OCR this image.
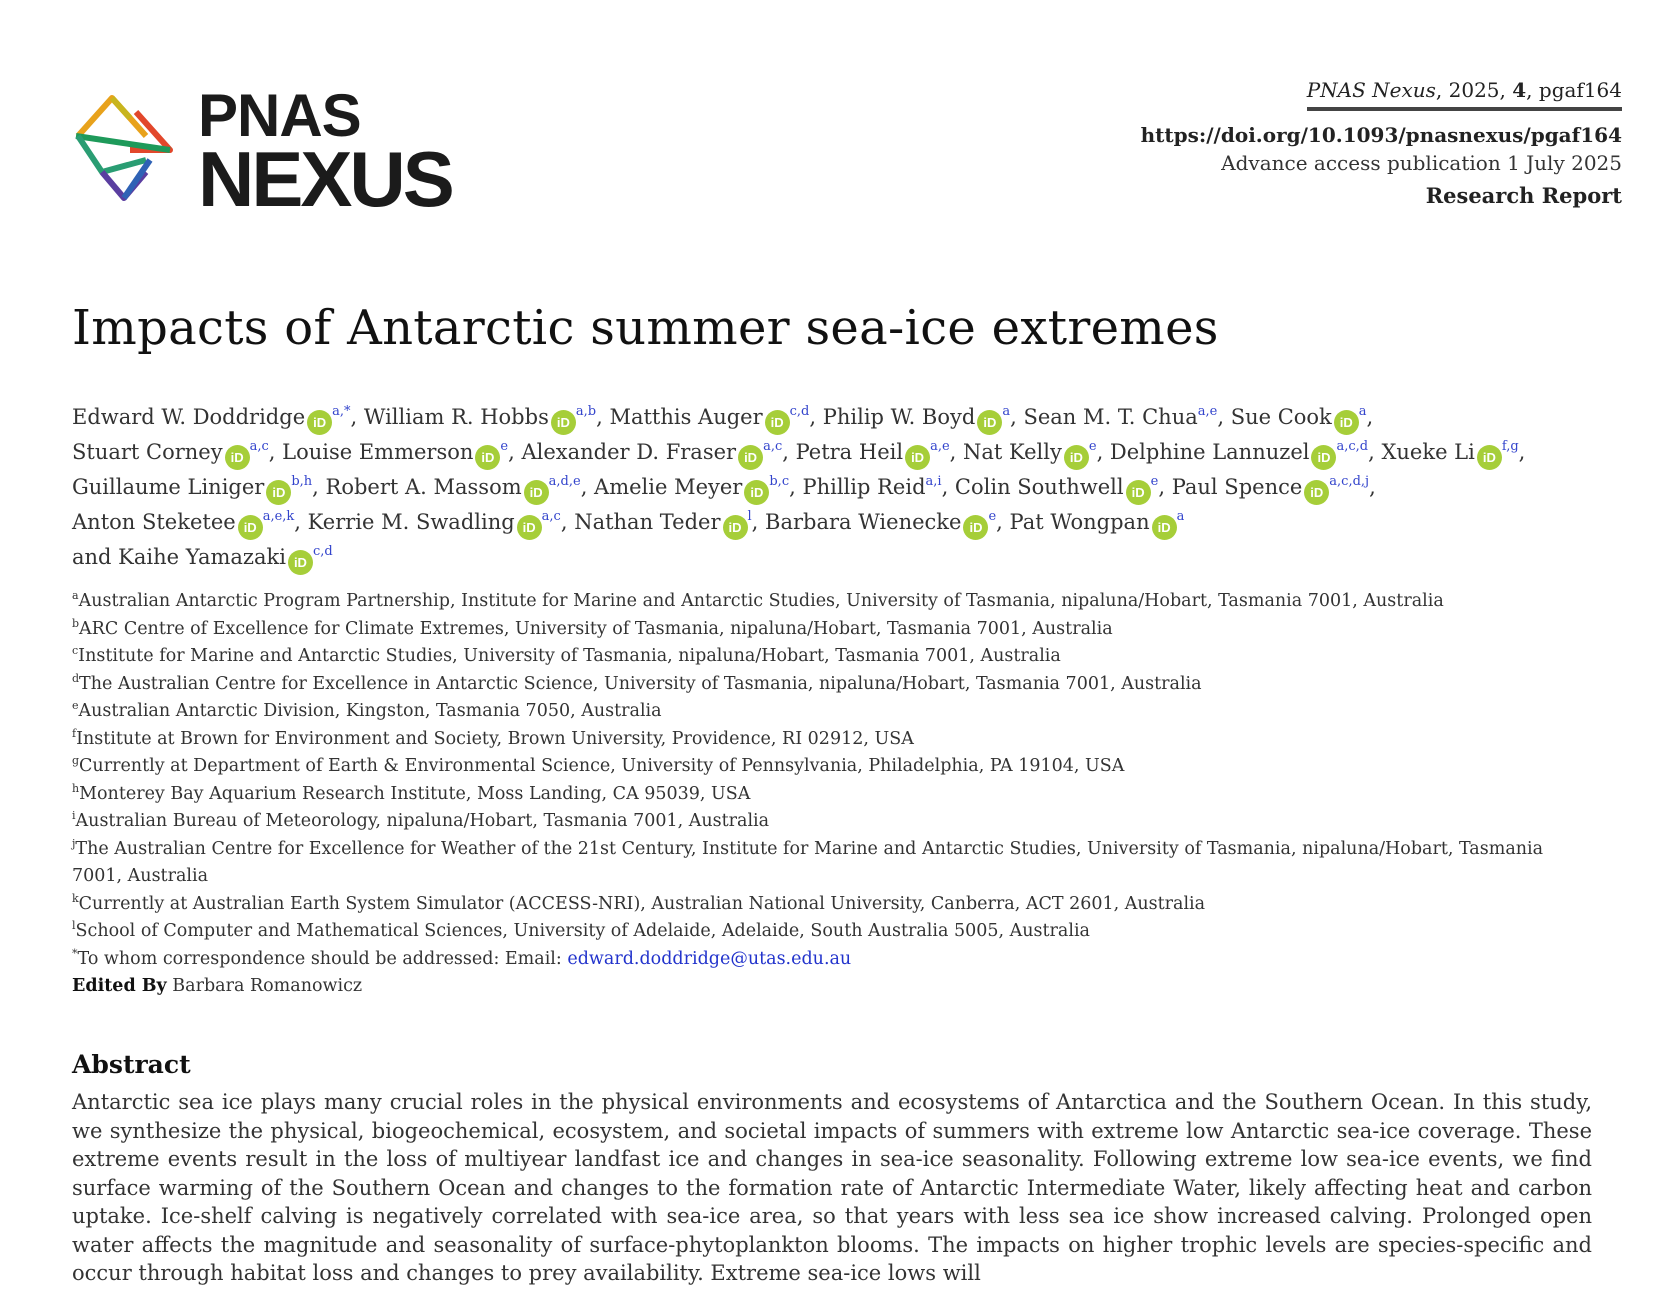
PNAS
NEXUS
PNAS Nexus, 2025, 4, pgaf164
https://doi.org/10.1093/pnasnexus/pgaf164
Advance access publication 1 July 2025
Research Report
Impacts of Antarctic summer sea-ice extremes
Edward W. Doddridge iD$^{a,*}$, William R. Hobbs iD$^{a,b}$, Matthis Auger iD$^{c,d}$, Philip W. Boyd iD$^a$, Sean M. T. Chua$^{a,e}$, Sue Cook iD$^a$, Stuart Corney iD$^{a,c}$, Louise Emmerson iD$^e$, Alexander D. Fraser iD$^{a,c}$, Petra Heil iD$^{a,e}$, Nat Kelly iD$^e$, Delphine Lannuzel iD$^{a,c,d}$, Xueke Li iD$^{f,g}$, Guillaume Liniger iD$^{b,h}$, Robert A. Massom iD$^{a,d,e}$, Amelie Meyer iD$^{b,c}$, Phillip Reid$^{a,i}$, Colin Southwell iD$^e$, Paul Spence iD$^{a,c,d,j}$, Anton Steketee iD$^{a,e,k}$, Kerrie M. Swadling iD$^{a,c}$, Nathan Teder iD$^l$, Barbara Wienecke iD$^e$, Pat Wongpan iD$^a$
and Kaihe Yamazaki iD$^{c,d}$
$^a$Australian Antarctic Program Partnership, Institute for Marine and Antarctic Studies, University of Tasmania, nipaluna/Hobart, Tasmania 7001, Australia
$^b$ARC Centre of Excellence for Climate Extremes, University of Tasmania, nipaluna/Hobart, Tasmania 7001, Australia
$^c$Institute for Marine and Antarctic Studies, University of Tasmania, nipaluna/Hobart, Tasmania 7001, Australia
$^d$The Australian Centre for Excellence in Antarctic Science, University of Tasmania, nipaluna/Hobart, Tasmania 7001, Australia
$^e$Australian Antarctic Division, Kingston, Tasmania 7050, Australia
$^f$Institute at Brown for Environment and Society, Brown University, Providence, RI 02912, USA
$^g$Currently at Department of Earth & Environmental Science, University of Pennsylvania, Philadelphia, PA 19104, USA
$^h$Monterey Bay Aquarium Research Institute, Moss Landing, CA 95039, USA
$^i$Australian Bureau of Meteorology, nipaluna/Hobart, Tasmania 7001, Australia
$^j$The Australian Centre for Excellence for Weather of the 21st Century, Institute for Marine and Antarctic Studies, University of Tasmania, nipaluna/Hobart, Tasmania 7001, Australia
$^k$Currently at Australian Earth System Simulator (ACCESS-NRI), Australian National University, Canberra, ACT 2601, Australia
$^l$School of Computer and Mathematical Sciences, University of Adelaide, Adelaide, South Australia 5005, Australia
*To whom correspondence should be addressed: Email: edward.doddridge@utas.edu.au
Edited By Barbara Romanowicz
Abstract

Antarctic sea ice plays many crucial roles in the physical environments and ecosystems of Antarctica and the Southern Ocean. In this study, we synthesize the physical, biogeochemical, ecosystem, and societal impacts of summers with extreme low Antarctic sea-ice coverage. These extreme events result in the loss of multiyear landfast ice and changes in sea-ice seasonality. Following extreme low sea-ice events, we find surface warming of the Southern Ocean and changes to the formation rate of Antarctic Intermediate Water, likely affecting heat and carbon uptake. Ice-shelf calving is negatively correlated with sea-ice area, so that years with less sea ice show increased calving. Prolonged open water affects the magnitude and seasonality of surface-phytoplankton blooms. The impacts on higher trophic levels are species-specific and occur through habitat loss and changes to prey availability. Extreme sea-ice lows will
